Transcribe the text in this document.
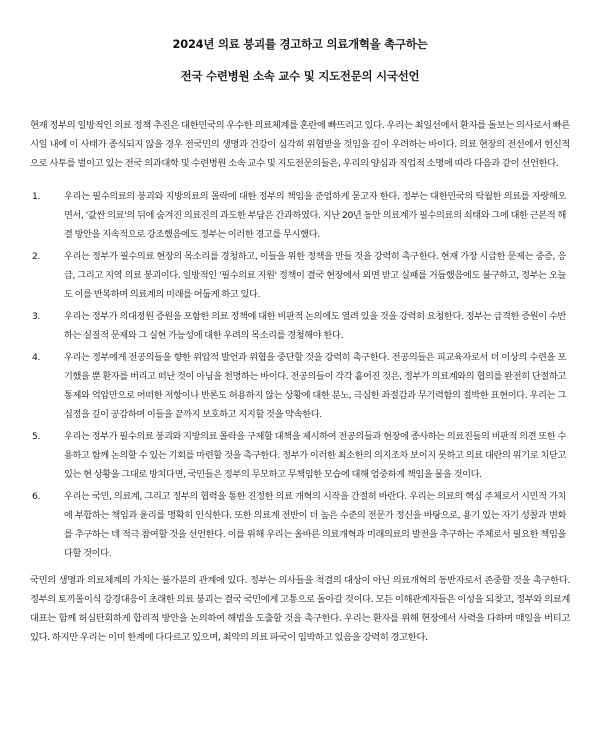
2024년 의료 붕괴를 경고하고 의료개혁을 촉구하는
전국 수련병원 소속 교수 및 지도전문의 시국선언

현재 정부의 일방적인 의료 정책 추진은 대한민국의 우수한 의료체계를 혼란에 빠뜨리고 있다. 우리는 최일선에서 환자를 돌보는 의사로서 빠른 시일 내에 이 사태가 종식되지 않을 경우 전국민의 생명과 건강이 심각히 위협받을 것임을 깊이 우려하는 바이다. 의료 현장의 전선에서 헌신적으로 사투를 벌이고 있는 전국 의과대학 및 수련병원 소속 교수 및 지도전문의들은, 우리의 양심과 직업적 소명에 따라 다음과 같이 선언한다.

1.	우리는 필수의료의 붕괴와 지방의료의 몰락에 대한 정부의 책임을 준엄하게 묻고자 한다. 정부는 대한민국의 탁월한 의료를 자랑해오면서, '값싼 의료'의 뒤에 숨겨진 의료진의 과도한 부담은 간과하였다. 지난 20년 동안 의료계가 필수의료의 쇠태와 그에 대한 근본적 해결 방안을 지속적으로 강조했음에도 정부는 이러한 경고를 무시했다.
2.	우리는 정부가 필수의료 현장의 목소리를 경청하고, 이들을 위한 정책을 만들 것을 강력히 촉구한다. 현재 가장 시급한 문제는 중증, 응급, 그리고 지역 의료 붕괴이다. 일방적인 '필수의료 지원' 정책이 결국 현장에서 외면 받고 실패를 거듭했음에도 불구하고, 정부는 오늘도 이를 반복하며 의료계의 미래를 어둡게 하고 있다.
3.	우리는 정부가 의대정원 증원을 포함한 의료 정책에 대한 비판적 논의에도 열려 있을 것을 강력히 요청한다. 정부는 급격한 증원이 수반하는 실질적 문제와 그 실현 가능성에 대한 우려의 목소리를 경청해야 한다.
4.	우리는 정부에게 전공의들을 향한 위압적 발언과 위협을 중단할 것을 강력히 촉구한다. 전공의들은 피교육자로서 더 이상의 수련을 포기했을 뿐 환자를 버리고 떠난 것이 아님을 천명하는 바이다. 전공의들이 각각 흩어진 것은, 정부가 의료계와의 협의를 완전히 단절하고 통제와 억압만으로 어떠한 저항이나 반론도 허용하지 않는 상황에 대한 분노, 극심한 좌절감과 무기력함의 절박한 표현이다. 우리는 그 심정을 깊이 공감하며 이들을 끝까지 보호하고 지지할 것을 약속한다.
5.	우리는 정부가 필수의료 붕괴와 지방의료 몰락을 구제할 대책을 제시하여 전공의들과 현장에 종사하는 의료진들의 비판적 의견 또한 수용하고 함께 논의할 수 있는 기회를 마련할 것을 촉구한다. 정부가 이러한 최소한의 의지조차 보이지 못하고 의료 대란의 위기로 치닫고 있는 현 상황을 그대로 방치다면, 국민들은 정부의 무모하고 무책임한 모습에 대해 엄중하게 책임을 물을 것이다.
6.	우리는 국민, 의료계, 그리고 정부의 협력을 통한 진정한 의료 개혁의 시작을 간절히 바란다. 우리는 의료의 핵심 주체로서 시민적 가치에 부합하는 책임과 윤리를 명확히 인식한다. 또한 의료계 전반이 더 높은 수준의 전문가 정신을 바탕으로, 용기 있는 자기 성찰과 변화를 추구하는 데 적극 참여할 것을 선언한다. 이를 위해 우리는 올바른 의료개혁과 미래의료의 발전을 추구하는 주체로서 필요한 책임을 다할 것이다.

국민의 생명과 의료체계의 가치는 불가분의 관계에 있다. 정부는 의사들을 척결의 대상이 아닌 의료개혁의 동반자로서 존중할 것을 촉구한다. 정부의 토끼몰이식 강경대응이 초래한 의료 붕괴는 결국 국민에게 고통으로 돌아갈 것이다. 모든 이해관계자들은 이성을 되찾고, 정부와 의료계 대표는 함께 허심탄회하게 합리적 방안을 논의하여 해법을 도출할 것을 촉구한다. 우리는 환자를 위해 현장에서 사력을 다하며 매일을 버티고 있다. 하지만 우리는 이미 한계에 다다르고 있으며, 최악의 의료 파국이 임박하고 있음을 강력히 경고한다.
